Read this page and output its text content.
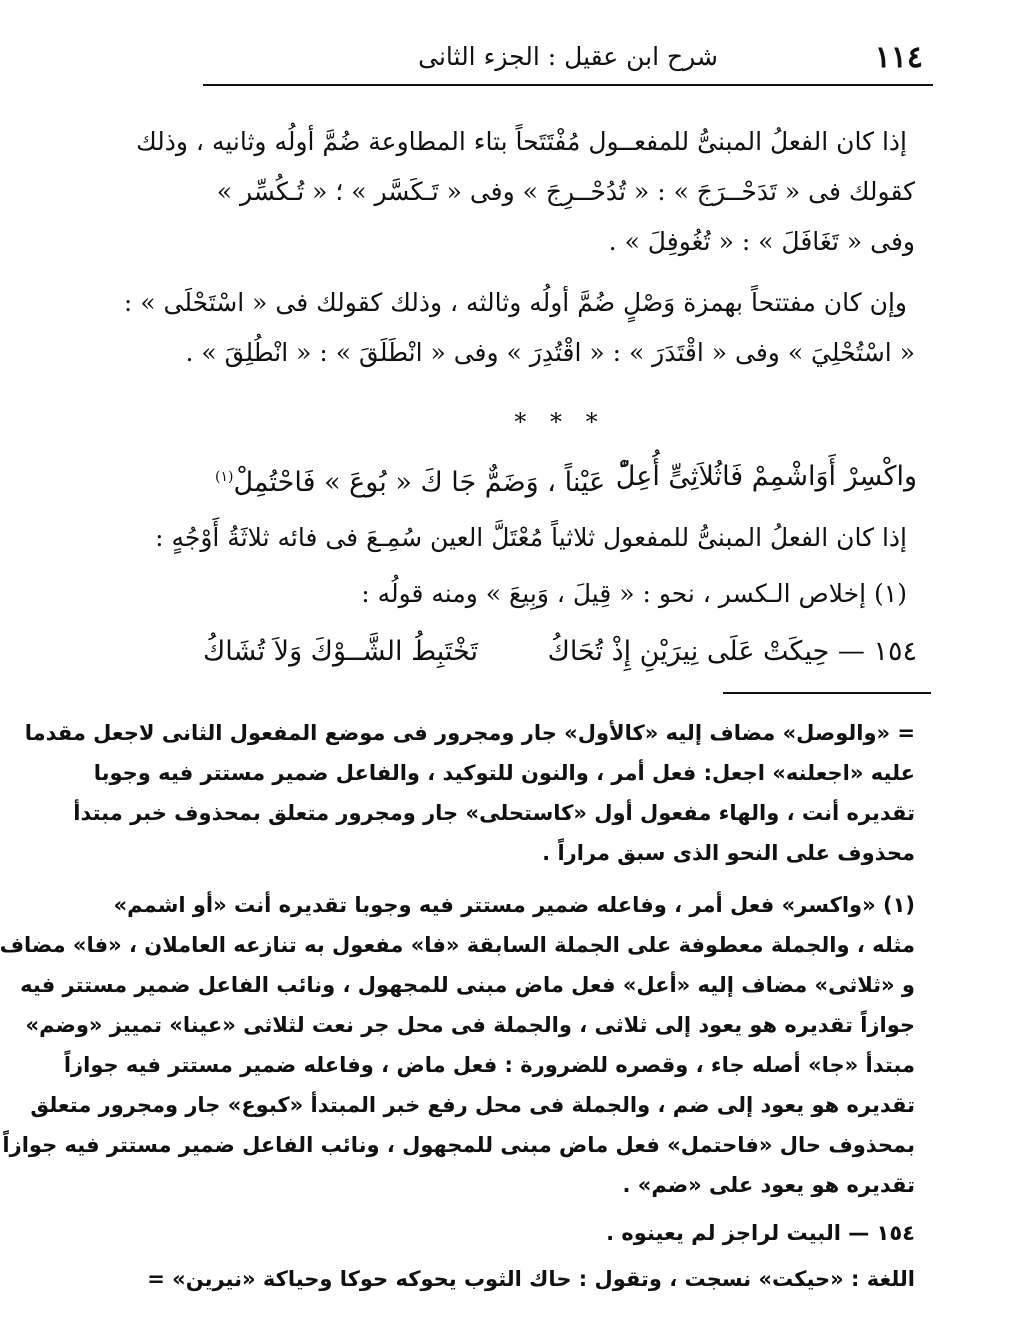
١١٤
شرح ابن عقيل : الجزء الثانى
إذا كان الفعلُ المبنىُّ للمفعــول مُفْتَتَحاً بتاء المطاوعة ضُمَّ أولُه وثانيه ، وذلك
كقولك فى « تَدَحْــرَجَ » : « تُدُحْــرِجَ » وفى « تَـكَسَّر » ؛ « تُـكُسِّر »
وفى « تَغَافَلَ » : « تُغُوفِلَ » .
وإن كان مفتتحاً بهمزة وَصْلٍ ضُمَّ أولُه وثالثه ، وذلك كقولك فى « اسْتَحْلَى » :
« اسْتُحْلِيَ » وفى « اقْتَدَرَ » : « اقْتُدِرَ » وفى « انْطَلَقَ » : « انْطُلِقَ » .
* * *
واكْسِرْ أَوَاشْمِمْ فَاثُلاَثِىٍّ أُعِلّْ
عَيْناً ، وَضَمٌّ جَا كَ « بُوعَ » فَاحْتُمِلْ$^{(١)}$
إذا كان الفعلُ المبنىُّ للمفعول ثلاثياً مُعْتَلَّ العين سُمِـعَ فى فائه ثلاثَةُ أَوْجُهٍ :
(١) إخلاص الـكسر ، نحو : « قِيلَ ، وَبِيعَ » ومنه قولُه :
١٥٤ — حِيكَتْ عَلَى نِيرَيْنِ إِذْ تُحَاكُ
تَخْتَبِطُ الشَّــوْكَ وَلاَ تُشَاكُ
= «والوصل» مضاف إليه «كالأول» جار ومجرور فى موضع المفعول الثانى لاجعل مقدما
عليه «اجعلنه» اجعل: فعل أمر ، والنون للتوكيد ، والفاعل ضمير مستتر فيه وجوبا
تقديره أنت ، والهاء مفعول أول «كاستحلى» جار ومجرور متعلق بمحذوف خبر مبتدأ
محذوف على النحو الذى سبق مراراً .
(١) «واكسر» فعل أمر ، وفاعله ضمير مستتر فيه وجوبا تقديره أنت «أو اشمم»
مثله ، والجملة معطوفة على الجملة السابقة «فا» مفعول به تنازعه العاملان ، «فا» مضاف
و «ثلاثى» مضاف إليه «أعل» فعل ماض مبنى للمجهول ، ونائب الفاعل ضمير مستتر فيه
جوازاً تقديره هو يعود إلى ثلاثى ، والجملة فى محل جر نعت لثلاثى «عينا» تمييز «وضم»
مبتدأ «جا» أصله جاء ، وقصره للضرورة : فعل ماض ، وفاعله ضمير مستتر فيه جوازاً
تقديره هو يعود إلى ضم ، والجملة فى محل رفع خبر المبتدأ «كبوع» جار ومجرور متعلق
بمحذوف حال «فاحتمل» فعل ماض مبنى للمجهول ، ونائب الفاعل ضمير مستتر فيه جوازاً
تقديره هو يعود على «ضم» .
١٥٤ — البيت لراجز لم يعينوه .
اللغة : «حيكت» نسجت ، وتقول : حاك الثوب يحوكه حوكا وحياكة «نيرين» =
